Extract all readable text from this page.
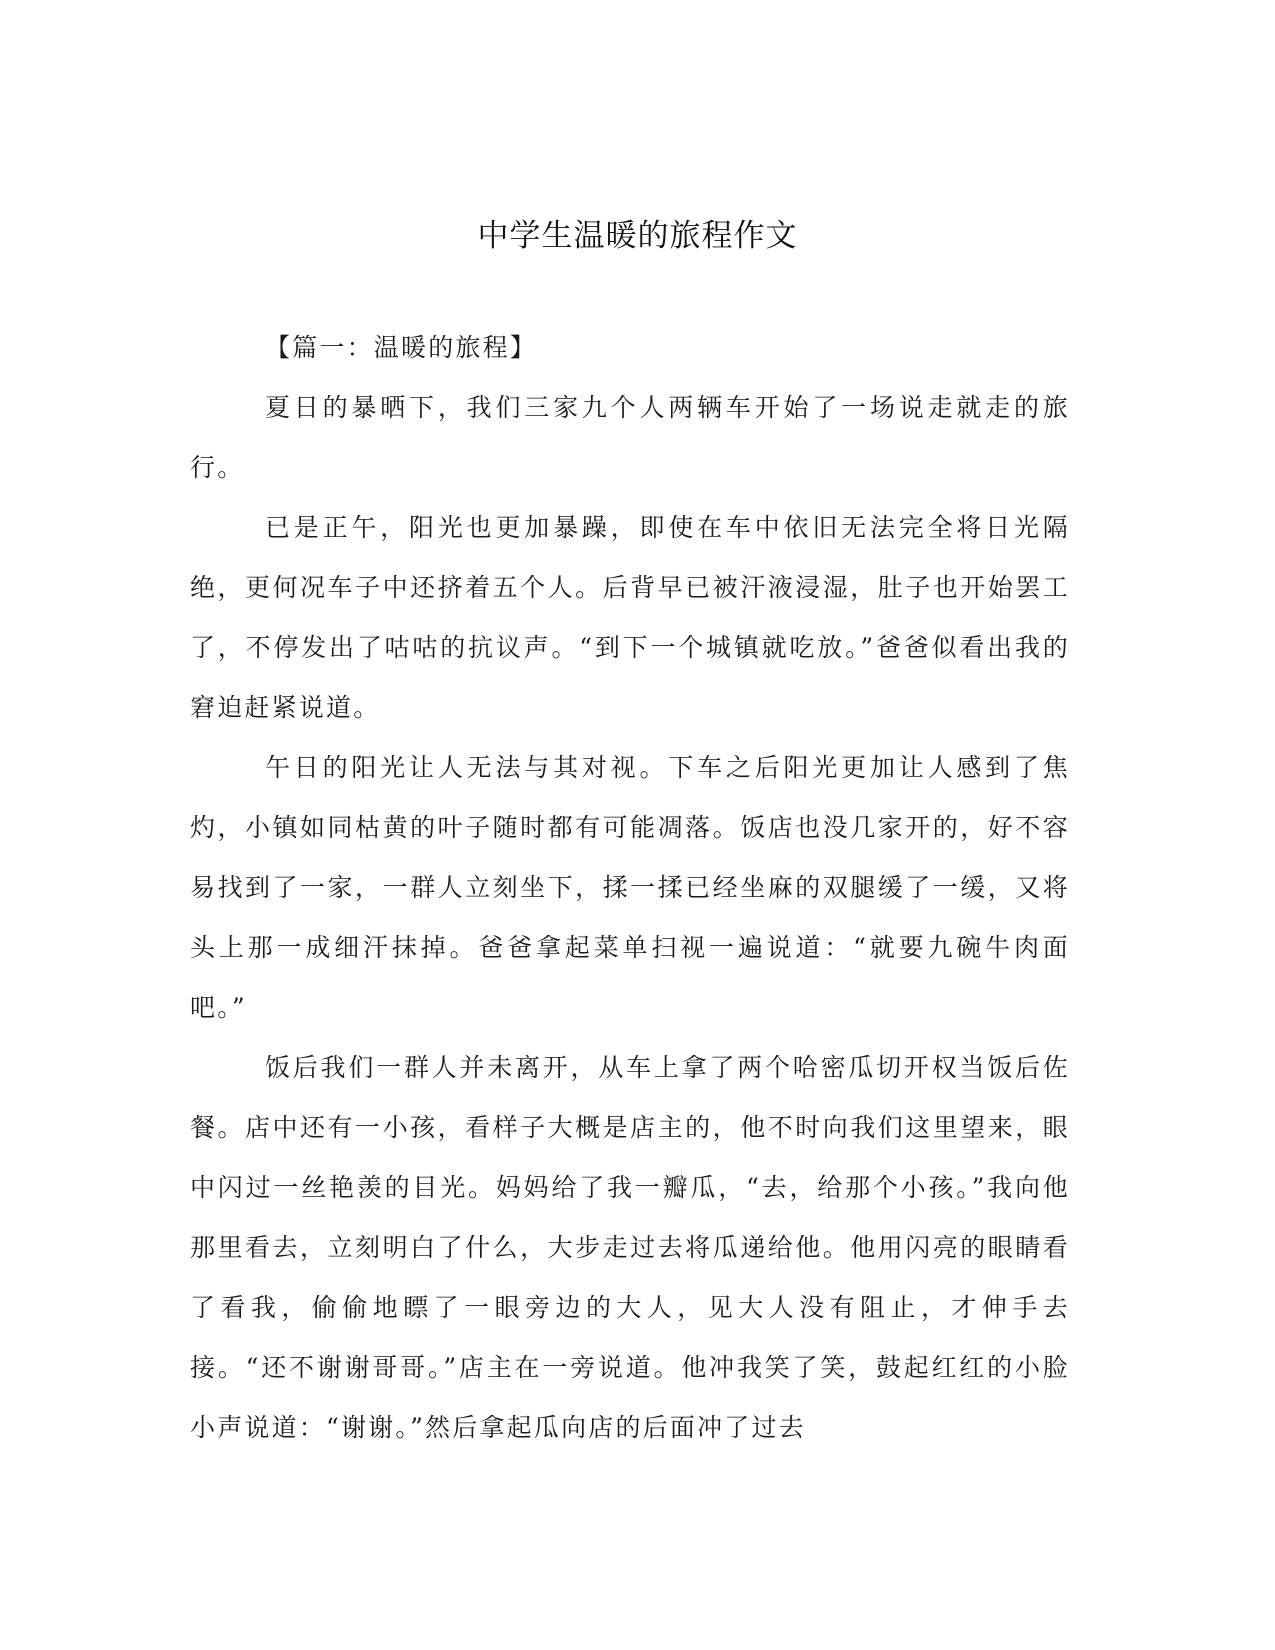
中学生温暖的旅程作文

【篇一：温暖的旅程】

夏日的暴晒下，我们三家九个人两辆车开始了一场说走就走的旅行。

已是正午，阳光也更加暴躁，即使在车中依旧无法完全将日光隔绝，更何况车子中还挤着五个人。后背早已被汗液浸湿，肚子也开始罢工了，不停发出了咕咕的抗议声。“到下一个城镇就吃放。”爸爸似看出我的窘迫赶紧说道。

午日的阳光让人无法与其对视。下车之后阳光更加让人感到了焦灼，小镇如同枯黄的叶子随时都有可能凋落。饭店也没几家开的，好不容易找到了一家，一群人立刻坐下，揉一揉已经坐麻的双腿缓了一缓，又将头上那一成细汗抹掉。爸爸拿起菜单扫视一遍说道：“就要九碗牛肉面吧。”

饭后我们一群人并未离开，从车上拿了两个哈密瓜切开权当饭后佐餐。店中还有一小孩，看样子大概是店主的，他不时向我们这里望来，眼中闪过一丝艳羡的目光。妈妈给了我一瓣瓜，“去，给那个小孩。”我向他那里看去，立刻明白了什么，大步走过去将瓜递给他。他用闪亮的眼睛看了看我，偷偷地瞟了一眼旁边的大人，见大人没有阻止，才伸手去接。“还不谢谢哥哥。”店主在一旁说道。他冲我笑了笑，鼓起红红的小脸小声说道：“谢谢。”然后拿起瓜向店的后面冲了过去
